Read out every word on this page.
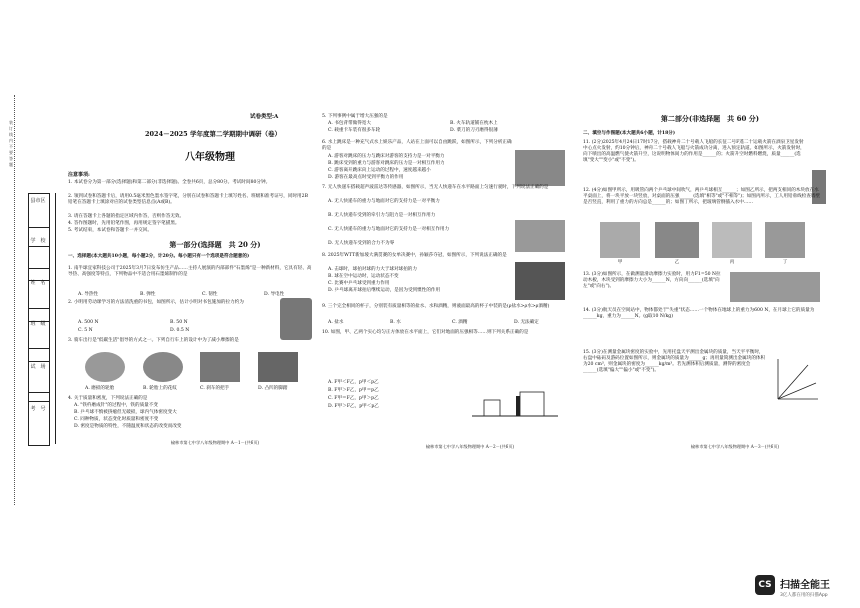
装　订　线　内　不　要　答　题
县市区
学　校
姓　名
班　级
试　场
考　号
试卷类型:A
2024－2025 学年度第二学期期中调研（卷）
八年级物理
注意事项:
1. 本试卷分为第一部分(选择题)和第二部分(非选择题)。全卷共6页，总分80分。考试时间80分钟。
2. 领到试卷和答题卡后，请用0.5毫米黑色墨水签字笔，分别在试卷和答题卡上填写姓名、班级和准考证号，同时用2B铅笔在答题卡上填涂对应的试卷类型信息点(A或B)。
3. 请在答题卡上各题的指定区域内作答，否则作答无效。
4. 答作图题时，先用铅笔作图，再用规定签字笔描黑。
5. 考试结束，本试卷和答题卡一并交回。
第一部分(选择题　共 20 分)
一、选择题(本大题共10小题，每小题2分，计20分。每小题只有一个选项是符合题意的)
1. 南半球宜家科技公司于2025年3月7日发布仿生产品……主持人展演的内部部件"石墨烯"是一种新材料，它具有轻、高导热、高强度等特点，下列物品中不适合用石墨烯制作的是
A. 导热性	B. 弹性	C. 韧性	D. 导电性
2. 小明用劳动课学习的方法清洗重的书包，如图所示，估计小明对书包施加的拉力约为
A. 500 N	B. 50 N
C. 5 N	D. 0.5 N
3. 骑车出行是"低碳生活"倡导的方式之一。下列自行车上的设计中为了减小摩擦的是
A. 磨损的轮胎	B. 轮胎上的花纹	C. 刹车的把手	D. 凸凹的脚踏
4. 关于质量和密度，下列说法正确的是
A. "铁杵磨成针"的过程中，铁的质量不变
B. 乒乓球不慎被挤瘪但无破损，球内气体密度变大
C. 同种物质，状态变化时质量和密度不变
D. 密度是物质的特性，不随温度和状态的改变而改变
榆林市第七中学八年级物理期中 A－1－(共6页)
5. 下列事例中属于增大压强的是
A. 书包背带做得宽大	B. 火车轨道铺在枕木上
C. 载重卡车装有很多车轮	D. 菜刀的刀刃磨得很薄
6. 水上跳床是一种充气式水上娱乐产品，人站在上面可以自由跳跃，如图所示，下列分析正确的是
A. 游客对跳床的压力与跳床对游客的支持力是一对平衡力
B. 跳床受到的重力与游客对跳床的压力是一对相互作用力
C. 游客离开跳床向上运动的过程中，速度越来越小
D. 游客在最高点时受到平衡力的作用
7. 无人快递车搭载超声波雷达等传感器，如图所示，当无人快递车在水平路面上匀速行驶时，下列说法正确的是
A. 无人快递车的重力与地面对它的支持力是一对平衡力
B. 无人快递车受到的牵引力与阻力是一对相互作用力
C. 无人快递车的重力与地面对它的支持力是一对相互作用力
D. 无人快递车受到的合力不为零
8. 2025年WTT新加坡大满贯赛的女单决赛中，孙颖莎夺冠，如图所示，下列说法正确的是
A. 击球时，球拍对球的力大于球对球拍的力
B. 球在空中运动时，运动状态不变
C. 比赛中乒乓球受到重力作用
D. 乒乓球离开球拍后继续运动，是因为受到惯性的作用
9. 三个完全相同的杯子，分别装有质量相等的盐水、水和酒精，则液面最高的杯子中装的是(ρ盐水>ρ水>ρ酒精)
A. 盐水	B. 水	C. 酒精	D. 无法确定
10. 如图，甲、乙两个实心均匀正方体放在水平面上，它们对地面的压强相等……则下列关系正确的是
A. F甲＜F乙，p甲＜p乙
B. F甲＞F乙，p甲＝p乙
C. F甲＝F乙，p甲＞p乙
D. F甲＞F乙，p甲＜p乙
榆林市第七中学八年级物理期中 A－2－(共6页)
第二部分(非选择题　共 60 分)
二、填空与作图题(本大题共6小题，计18分)
11. (2分)2025年4月24日17时17分，搭载神舟二十号载人飞船的长征二号F遥二十运载火箭在酒泉卫星发射中心点火发射，约10分钟后，神舟二十号载人飞船与火箭成功分离，进入预定轨道。如图所示，火箭发射时，向下喷出的高温燃气使火箭升空，这说明物体间力的作用是______的；火箭升空时燃料燃烧，质量______(选填"变大""变小"或"不变")。
12. (4分)如图甲所示，用吸管向两个乒乓球中间吹气，两乒乓球相互______；如图乙所示，把两支相同的木块放在水平桌面上，将一块平放一块竖放，对桌面的压强______(选填"相等"或"不相等")；如图丙所示，工人用铅垂线检查墙壁是否竖直，利用了重力的方向总是______的；如图丁所示，把玻璃管倒插入水中……
甲	乙	丙	丁
13. (3分)如图所示，在做测量滑动摩擦力实验时，用力F1=50 N拉动木板，木块受到的摩擦力大小为______N，方向向______(选填"向左"或"向右")。
14. (3分)航天员在空间站中，物体都处于"失重"状态……一个物体在地球上的重力为600 N，在月球上它的质量为______kg，重力为______N。(g取10 N/kg)
15. (3分)在测量金属块密度的实验中，先用托盘天平测出金属块的质量，当天平平衡时，右盘中砝码及游码位置如图所示，则金属块的质量为______g；再用量筒测出金属块的体积为20 cm³，则金属块的密度为______kg/m³。若先测体积后测质量，测得的密度会______(选填"偏大""偏小"或"不变")。
榆林市第七中学八年级物理期中 A－3－(共6页)
CS 扫描全能王
3亿人都在用的扫描App
